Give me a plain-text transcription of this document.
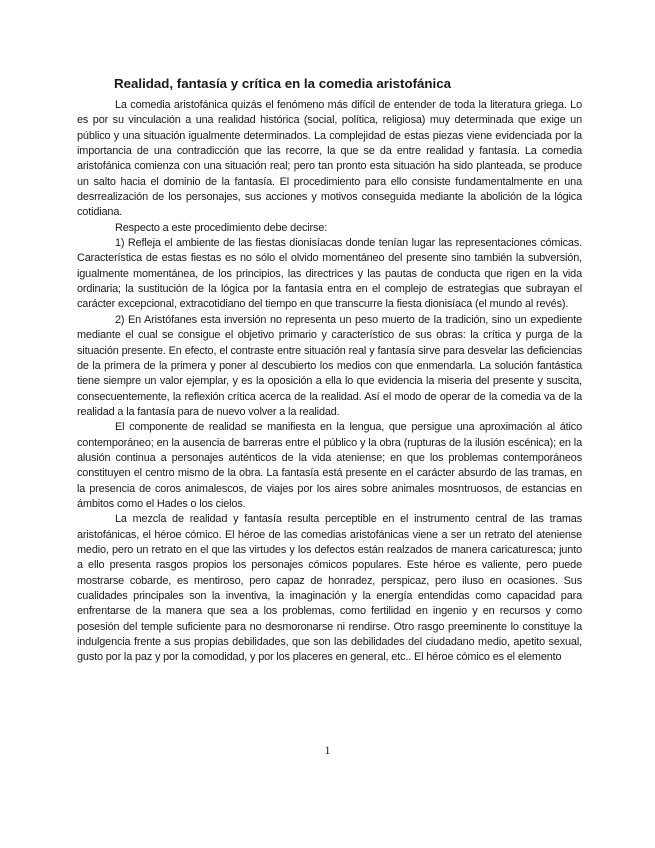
Realidad, fantasía y crítica en la comedia aristofánica

La comedia aristofánica quizás el fenómeno más difícil de entender de toda la literatura griega. Lo es por su vinculación a una realidad histórica (social, política, religiosa) muy determinada que exige un público y una situación igualmente determinados. La complejidad de estas piezas viene evidenciada por la importancia de una contradicción que las recorre, la que se da entre realidad y fantasía. La comedia aristofánica comienza con una situación real; pero tan pronto esta situación ha sido planteada, se produce un salto hacia el dominio de la fantasía. El procedimiento para ello consiste fundamentalmente en una desrrealización de los personajes, sus acciones y motivos conseguida mediante la abolición de la lógica cotidiana.

Respecto a este procedimiento debe decirse:

1) Refleja el ambiente de las fiestas dionisíacas donde tenían lugar las representaciones cómicas. Característica de estas fiestas es no sólo el olvido momentáneo del presente sino también la subversión, igualmente momentánea, de los principios, las directrices y las pautas de conducta que rigen en la vida ordinaria; la sustitución de la lógica por la fantasía entra en el complejo de estrategias que subrayan el carácter excepcional, extracotidiano del tiempo en que transcurre la fiesta dionisíaca (el mundo al revés).

2) En Aristófanes esta inversión no representa un peso muerto de la tradición, sino un expediente mediante el cual se consigue el objetivo primario y característico de sus obras: la crítica y purga de la situación presente. En efecto, el contraste entre situación real y fantasía sirve para desvelar las deficiencias de la primera de la primera y poner al descubierto los medios con que enmendarla. La solución fantástica tiene siempre un valor ejemplar, y es la oposición a ella lo que evidencia la miseria del presente y suscita, consecuentemente, la reflexión crítica acerca de la realidad. Así el modo de operar de la comedia va de la realidad a la fantasía para de nuevo volver a la realidad.

El componente de realidad se manifiesta en la lengua, que persigue una aproximación al ático contemporáneo; en la ausencia de barreras entre el público y la obra (rupturas de la ilusión escénica); en la alusión continua a personajes auténticos de la vida ateniense; en que los problemas contemporáneos constituyen el centro mismo de la obra. La fantasía está presente en el carácter absurdo de las tramas, en la presencia de coros animalescos, de viajes por los aires sobre animales mosntruosos, de estancias en ámbitos como el Hades o los cielos.

La mezcla de realidad y fantasía resulta perceptible en el instrumento central de las tramas aristofánicas, el héroe cómico. El héroe de las comedias aristofánicas viene a ser un retrato del ateniense medio, pero un retrato en el que las virtudes y los defectos están realzados de manera caricaturesca; junto a ello presenta rasgos propios los personajes cómicos populares. Este héroe es valiente, pero puede mostrarse cobarde, es mentiroso, pero capaz de honradez, perspicaz, pero iluso en ocasiones. Sus cualidades principales son la inventiva, la imaginación y la energía entendidas como capacidad para enfrentarse de la manera que sea a los problemas, como fertilidad en ingenio y en recursos y como posesión del temple suficiente para no desmoronarse ni rendirse. Otro rasgo preeminente lo constituye la indulgencia frente a sus propias debilidades, que son las debilidades del ciudadano medio, apetito sexual, gusto por la paz y por la comodidad, y por los placeres en general, etc.. El héroe cómico es el elemento

1
